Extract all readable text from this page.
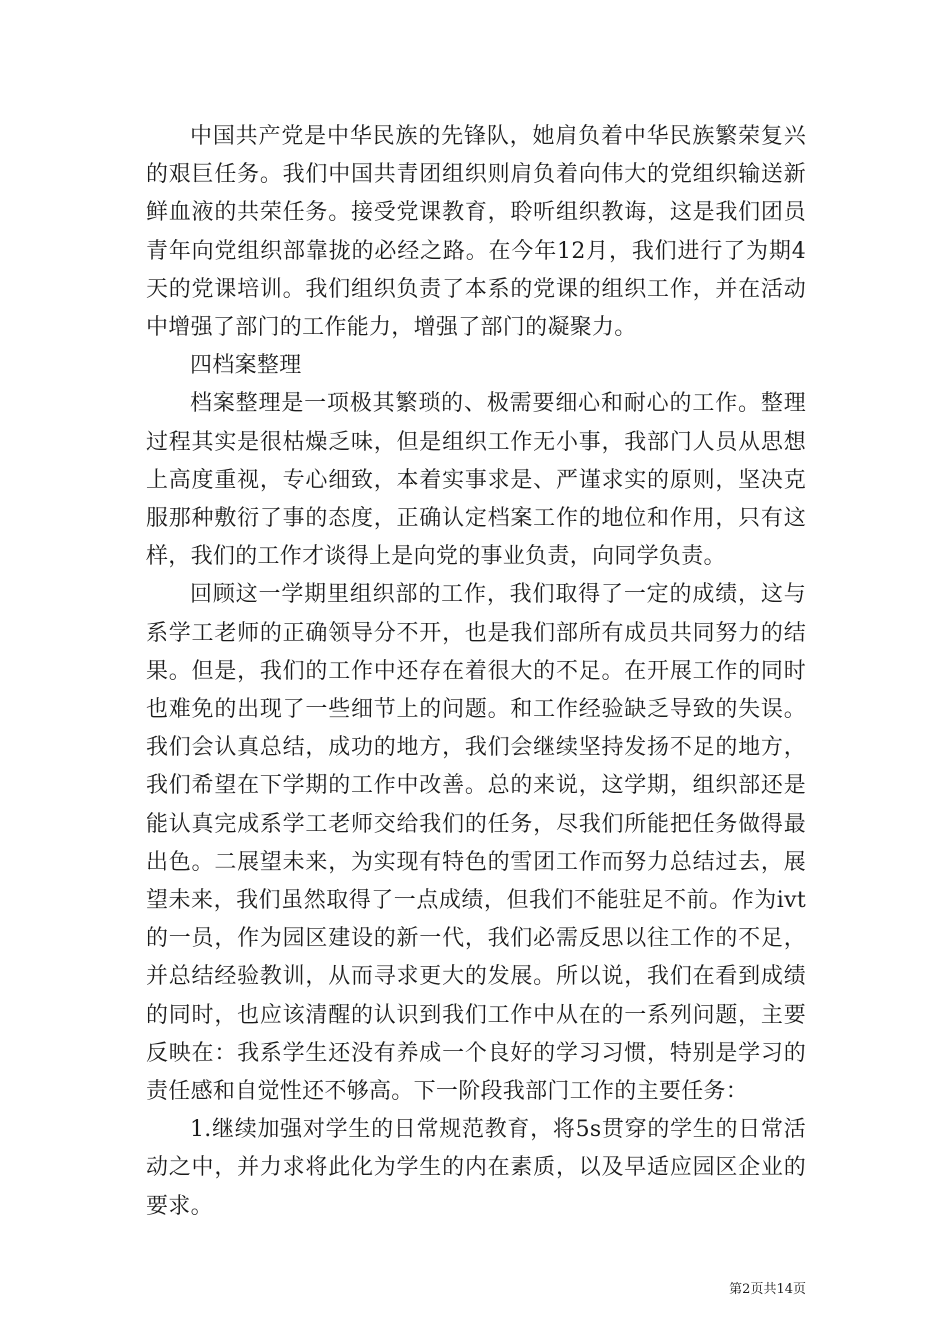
中国共产党是中华民族的先锋队，她肩负着中华民族繁荣复兴的艰巨任务。我们中国共青团组织则肩负着向伟大的党组织输送新鲜血液的共荣任务。接受党课教育，聆听组织教诲，这是我们团员青年向党组织部靠拢的必经之路。在今年12月，我们进行了为期4天的党课培训。我们组织负责了本系的党课的组织工作，并在活动中增强了部门的工作能力，增强了部门的凝聚力。

四档案整理

档案整理是一项极其繁琐的、极需要细心和耐心的工作。整理过程其实是很枯燥乏味，但是组织工作无小事，我部门人员从思想上高度重视，专心细致，本着实事求是、严谨求实的原则，坚决克服那种敷衍了事的态度，正确认定档案工作的地位和作用，只有这样，我们的工作才谈得上是向党的事业负责，向同学负责。

回顾这一学期里组织部的工作，我们取得了一定的成绩，这与系学工老师的正确领导分不开，也是我们部所有成员共同努力的结果。但是，我们的工作中还存在着很大的不足。在开展工作的同时也难免的出现了一些细节上的问题。和工作经验缺乏导致的失误。我们会认真总结，成功的地方，我们会继续坚持发扬不足的地方，我们希望在下学期的工作中改善。总的来说，这学期，组织部还是能认真完成系学工老师交给我们的任务，尽我们所能把任务做得最出色。二展望未来，为实现有特色的雪团工作而努力总结过去，展望未来，我们虽然取得了一点成绩，但我们不能驻足不前。作为ivt的一员，作为园区建设的新一代，我们必需反思以往工作的不足，并总结经验教训，从而寻求更大的发展。所以说，我们在看到成绩的同时，也应该清醒的认识到我们工作中从在的一系列问题，主要反映在：我系学生还没有养成一个良好的学习习惯，特别是学习的责任感和自觉性还不够高。下一阶段我部门工作的主要任务：

1.继续加强对学生的日常规范教育，将5s贯穿的学生的日常活动之中，并力求将此化为学生的内在素质，以及早适应园区企业的要求。

第2页共14页
